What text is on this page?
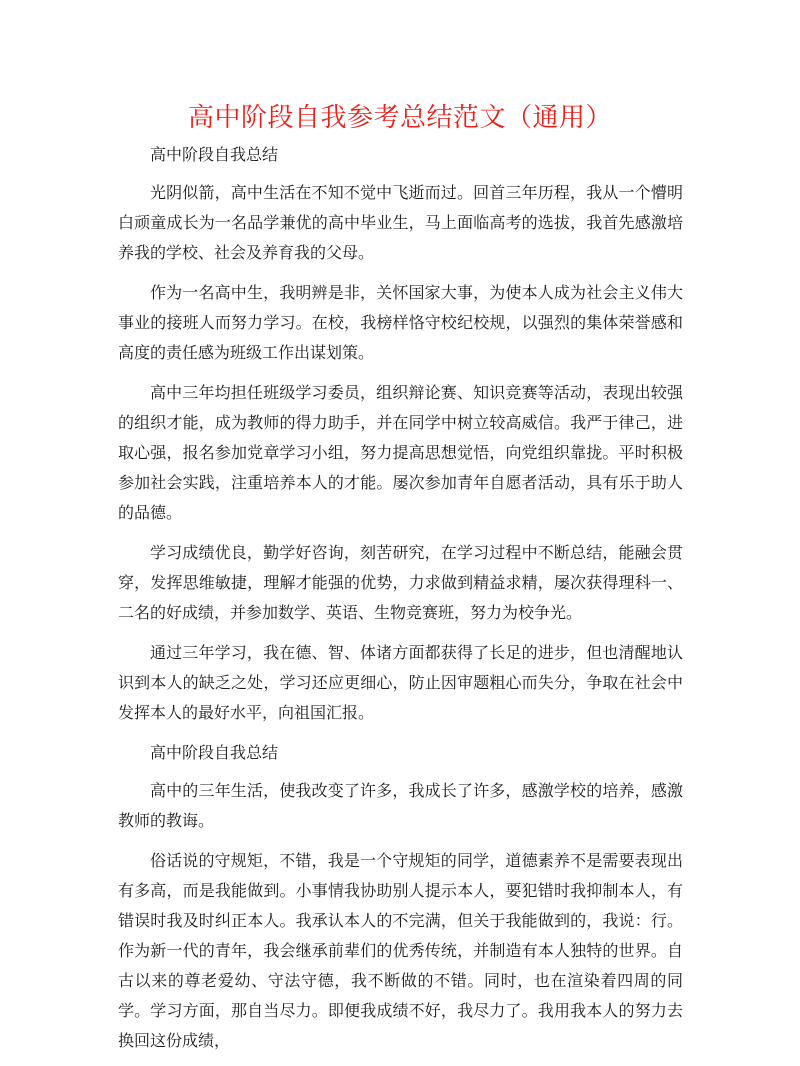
高中阶段自我参考总结范文（通用）

高中阶段自我总结

光阴似箭，高中生活在不知不觉中飞逝而过。回首三年历程，我从一个懵明白顽童成长为一名品学兼优的高中毕业生，马上面临高考的选拔，我首先感激培养我的学校、社会及养育我的父母。

作为一名高中生，我明辨是非，关怀国家大事，为使本人成为社会主义伟大事业的接班人而努力学习。在校，我榜样恪守校纪校规，以强烈的集体荣誉感和高度的责任感为班级工作出谋划策。

高中三年均担任班级学习委员，组织辩论赛、知识竞赛等活动，表现出较强的组织才能，成为教师的得力助手，并在同学中树立较高威信。我严于律己，进取心强，报名参加党章学习小组，努力提高思想觉悟，向党组织靠拢。平时积极参加社会实践，注重培养本人的才能。屡次参加青年自愿者活动，具有乐于助人的品德。

学习成绩优良，勤学好咨询，刻苦研究，在学习过程中不断总结，能融会贯穿，发挥思维敏捷，理解才能强的优势，力求做到精益求精，屡次获得理科一、二名的好成绩，并参加数学、英语、生物竞赛班，努力为校争光。

通过三年学习，我在德、智、体诸方面都获得了长足的进步，但也清醒地认识到本人的缺乏之处，学习还应更细心，防止因审题粗心而失分，争取在社会中发挥本人的最好水平，向祖国汇报。

高中阶段自我总结

高中的三年生活，使我改变了许多，我成长了许多，感激学校的培养，感激教师的教诲。

俗话说的守规矩，不错，我是一个守规矩的同学，道德素养不是需要表现出有多高，而是我能做到。小事情我协助别人提示本人，要犯错时我抑制本人，有错误时我及时纠正本人。我承认本人的不完满，但关于我能做到的，我说：行。作为新一代的青年，我会继承前辈们的优秀传统，并制造有本人独特的世界。自古以来的尊老爱幼、守法守德，我不断做的不错。同时，也在渲染着四周的同学。学习方面，那自当尽力。即便我成绩不好，我尽力了。我用我本人的努力去换回这份成绩，
